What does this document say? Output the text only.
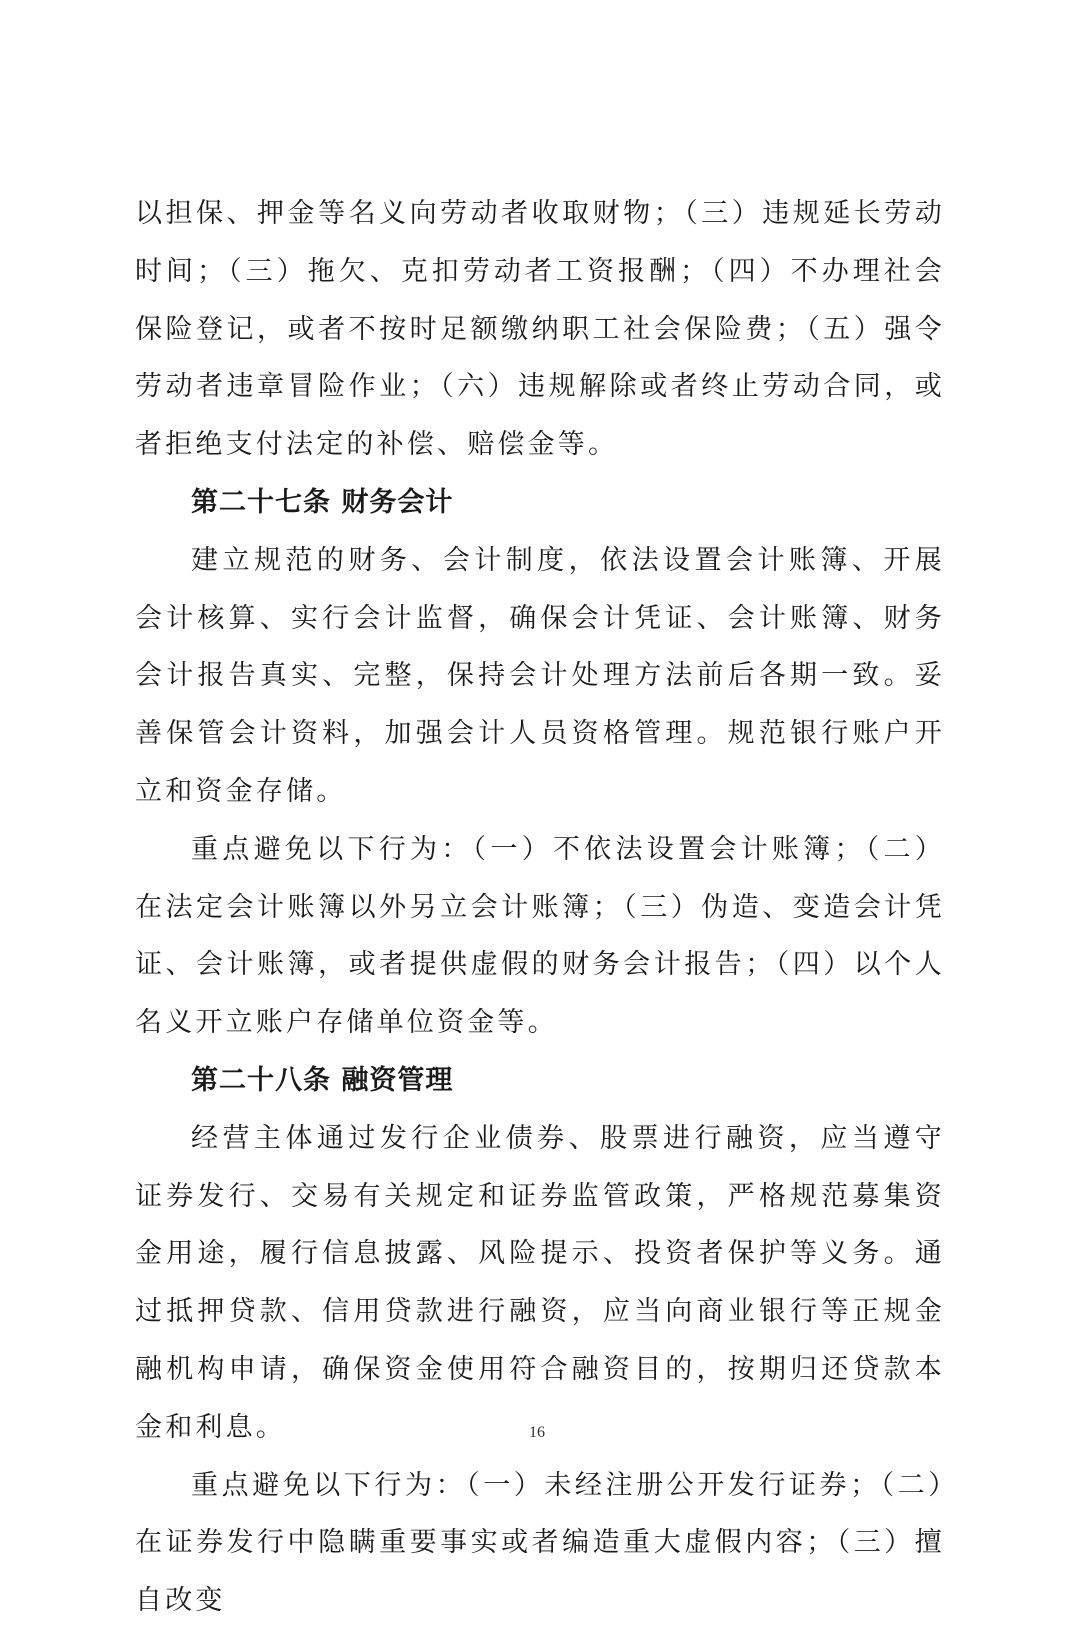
以担保、押金等名义向劳动者收取财物；（三）违规延长劳动时间；（三）拖欠、克扣劳动者工资报酬；（四）不办理社会保险登记，或者不按时足额缴纳职工社会保险费；（五）强令劳动者违章冒险作业；（六）违规解除或者终止劳动合同，或者拒绝支付法定的补偿、赔偿金等。

第二十七条 财务会计

建立规范的财务、会计制度，依法设置会计账簿、开展会计核算、实行会计监督，确保会计凭证、会计账簿、财务会计报告真实、完整，保持会计处理方法前后各期一致。妥善保管会计资料，加强会计人员资格管理。规范银行账户开立和资金存储。

重点避免以下行为：（一）不依法设置会计账簿；（二）在法定会计账簿以外另立会计账簿；（三）伪造、变造会计凭证、会计账簿，或者提供虚假的财务会计报告；（四）以个人名义开立账户存储单位资金等。

第二十八条 融资管理

经营主体通过发行企业债券、股票进行融资，应当遵守证券发行、交易有关规定和证券监管政策，严格规范募集资金用途，履行信息披露、风险提示、投资者保护等义务。通过抵押贷款、信用贷款进行融资，应当向商业银行等正规金融机构申请，确保资金使用符合融资目的，按期归还贷款本金和利息。

重点避免以下行为：（一）未经注册公开发行证券；（二）在证券发行中隐瞒重要事实或者编造重大虚假内容；（三）擅自改变

16
